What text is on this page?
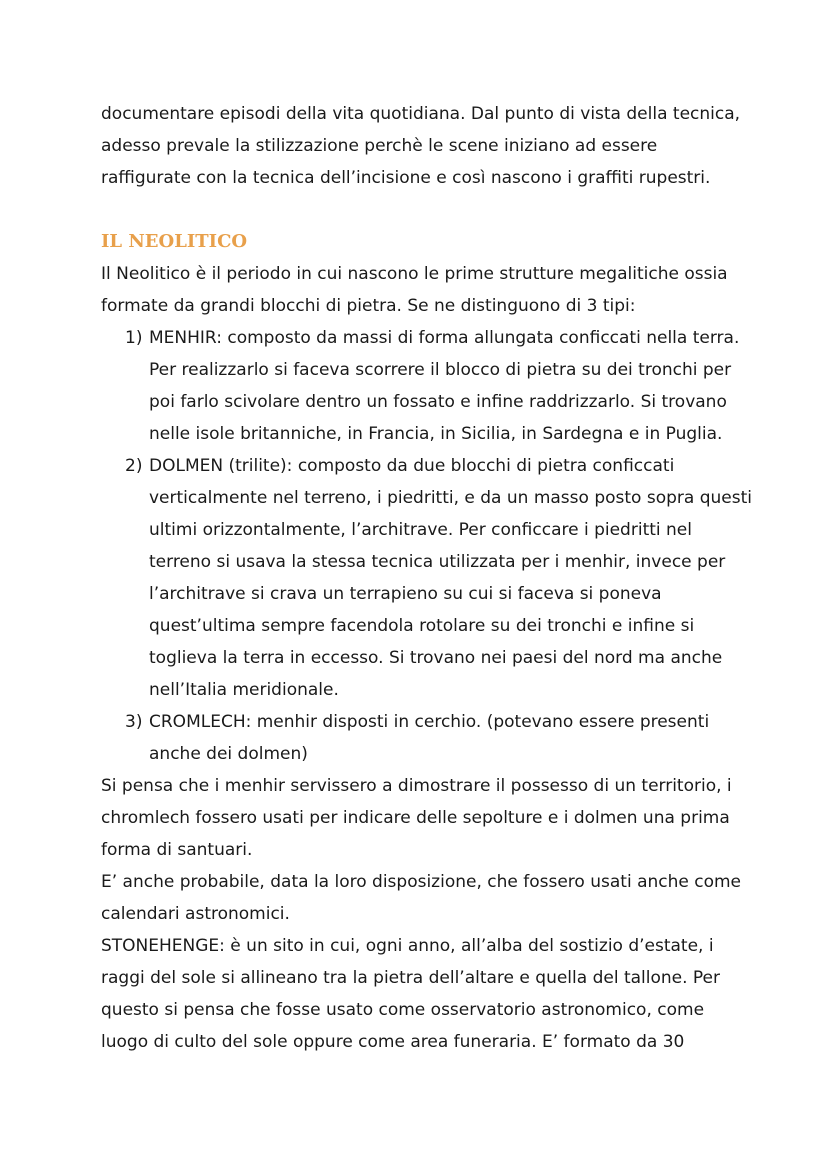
documentare episodi della vita quotidiana. Dal punto di vista della tecnica,
adesso prevale la stilizzazione perchè le scene iniziano ad essere
raffigurate con la tecnica dell’incisione e così nascono i graffiti rupestri.
IL NEOLITICO
Il Neolitico è il periodo in cui nascono le prime strutture megalitiche ossia
formate da grandi blocchi di pietra. Se ne distinguono di 3 tipi:
1) MENHIR: composto da massi di forma allungata conficcati nella terra.
Per realizzarlo si faceva scorrere il blocco di pietra su dei tronchi per
poi farlo scivolare dentro un fossato e infine raddrizzarlo. Si trovano
nelle isole britanniche, in Francia, in Sicilia, in Sardegna e in Puglia.
2) DOLMEN (trilite): composto da due blocchi di pietra conficcati
verticalmente nel terreno, i piedritti, e da un masso posto sopra questi
ultimi orizzontalmente, l’architrave. Per conficcare i piedritti nel
terreno si usava la stessa tecnica utilizzata per i menhir, invece per
l’architrave si crava un terrapieno su cui si faceva si poneva
quest’ultima sempre facendola rotolare su dei tronchi e infine si
toglieva la terra in eccesso. Si trovano nei paesi del nord ma anche
nell’Italia meridionale.
3) CROMLECH: menhir disposti in cerchio. (potevano essere presenti
anche dei dolmen)
Si pensa che i menhir servissero a dimostrare il possesso di un territorio, i
chromlech fossero usati per indicare delle sepolture e i dolmen una prima
forma di santuari.
E’ anche probabile, data la loro disposizione, che fossero usati anche come
calendari astronomici.
STONEHENGE: è un sito in cui, ogni anno, all’alba del sostizio d’estate, i
raggi del sole si allineano tra la pietra dell’altare e quella del tallone. Per
questo si pensa che fosse usato come osservatorio astronomico, come
luogo di culto del sole oppure come area funeraria. E’ formato da 30
